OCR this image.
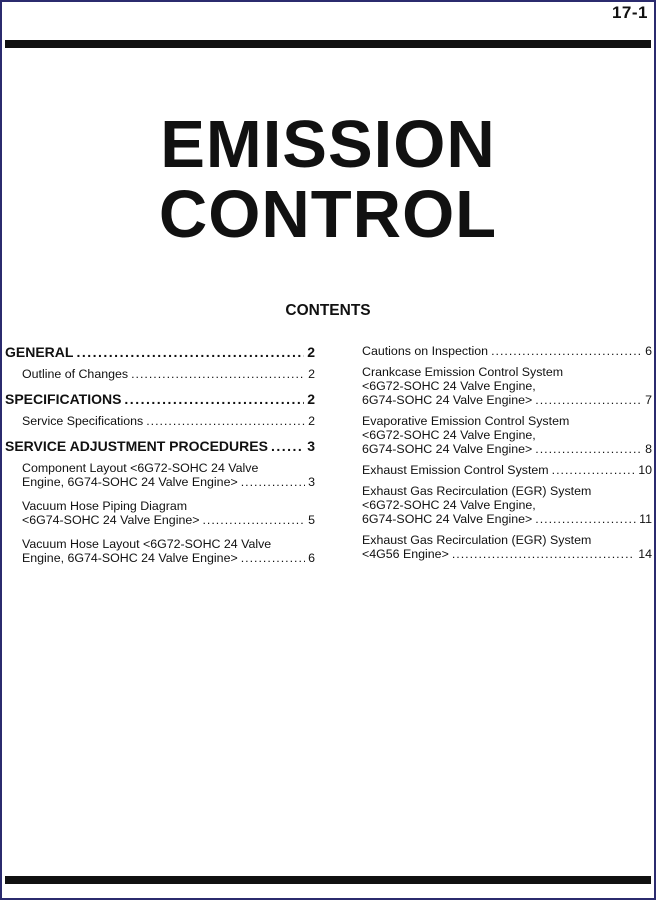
17-1
EMISSION
CONTROL
CONTENTS
GENERAL .....	2
Outline of Changes .....	2
SPECIFICATIONS .....	2
Service Specifications .....	2
SERVICE ADJUSTMENT PROCEDURES .....	3
Component Layout <6G72-SOHC 24 Valve
Engine, 6G74-SOHC 24 Valve Engine> .....	3
Vacuum Hose Piping Diagram
<6G74-SOHC 24 Valve Engine> .....	5
Vacuum Hose Layout <6G72-SOHC 24 Valve
Engine, 6G74-SOHC 24 Valve Engine> .....	6
Cautions on Inspection .....	6
Crankcase Emission Control System
<6G72-SOHC 24 Valve Engine,
6G74-SOHC 24 Valve Engine> .....	7
Evaporative Emission Control System
<6G72-SOHC 24 Valve Engine,
6G74-SOHC 24 Valve Engine> .....	8
Exhaust Emission Control System .....	10
Exhaust Gas Recirculation (EGR) System
<6G72-SOHC 24 Valve Engine,
6G74-SOHC 24 Valve Engine> .....	11
Exhaust Gas Recirculation (EGR) System
<4G56 Engine> .....	14
